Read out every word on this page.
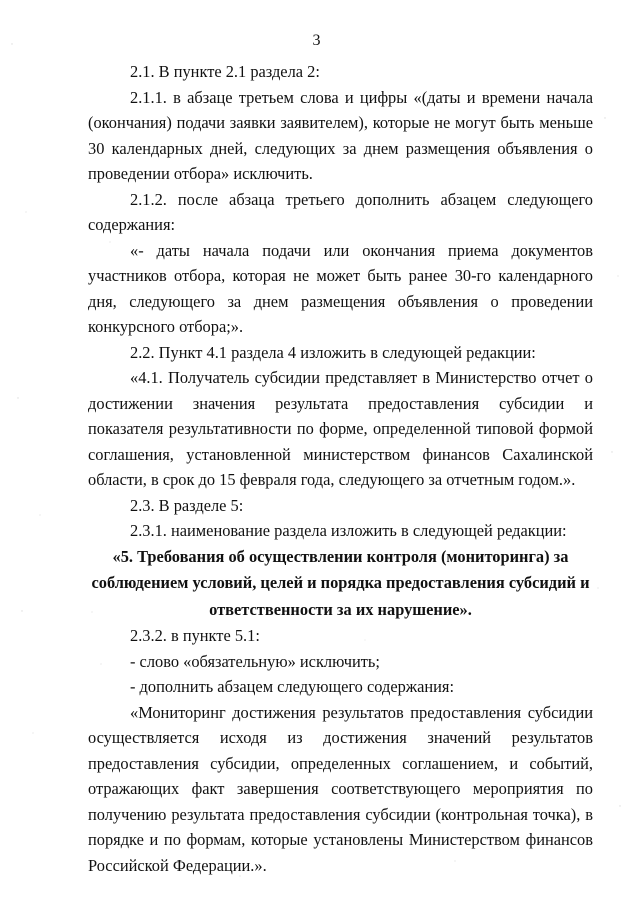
3

2.1. В пункте 2.1 раздела 2:

2.1.1. в абзаце третьем слова и цифры «(даты и времени начала (окончания) подачи заявки заявителем), которые не могут быть меньше 30 календарных дней, следующих за днем размещения объявления о проведении отбора» исключить.

2.1.2. после абзаца третьего дополнить абзацем следующего содержания:

«- даты начала подачи или окончания приема документов участников отбора, которая не может быть ранее 30-го календарного дня, следующего за днем размещения объявления о проведении конкурсного отбора;».

2.2. Пункт 4.1 раздела 4 изложить в следующей редакции:

«4.1. Получатель субсидии представляет в Министерство отчет о достижении значения результата предоставления субсидии и показателя результативности по форме, определенной типовой формой соглашения, установленной министерством финансов Сахалинской области, в срок до 15 февраля года, следующего за отчетным годом.».

2.3. В разделе 5:

2.3.1. наименование раздела изложить в следующей редакции:

«5. Требования об осуществлении контроля (мониторинга) за соблюдением условий, целей и порядка предоставления субсидий и ответственности за их нарушение».

2.3.2. в пункте 5.1:

- слово «обязательную» исключить;

- дополнить абзацем следующего содержания:

«Мониторинг достижения результатов предоставления субсидии осуществляется исходя из достижения значений результатов предоставления субсидии, определенных соглашением, и событий, отражающих факт завершения соответствующего мероприятия по получению результата предоставления субсидии (контрольная точка), в порядке и по формам, которые установлены Министерством финансов Российской Федерации.».
